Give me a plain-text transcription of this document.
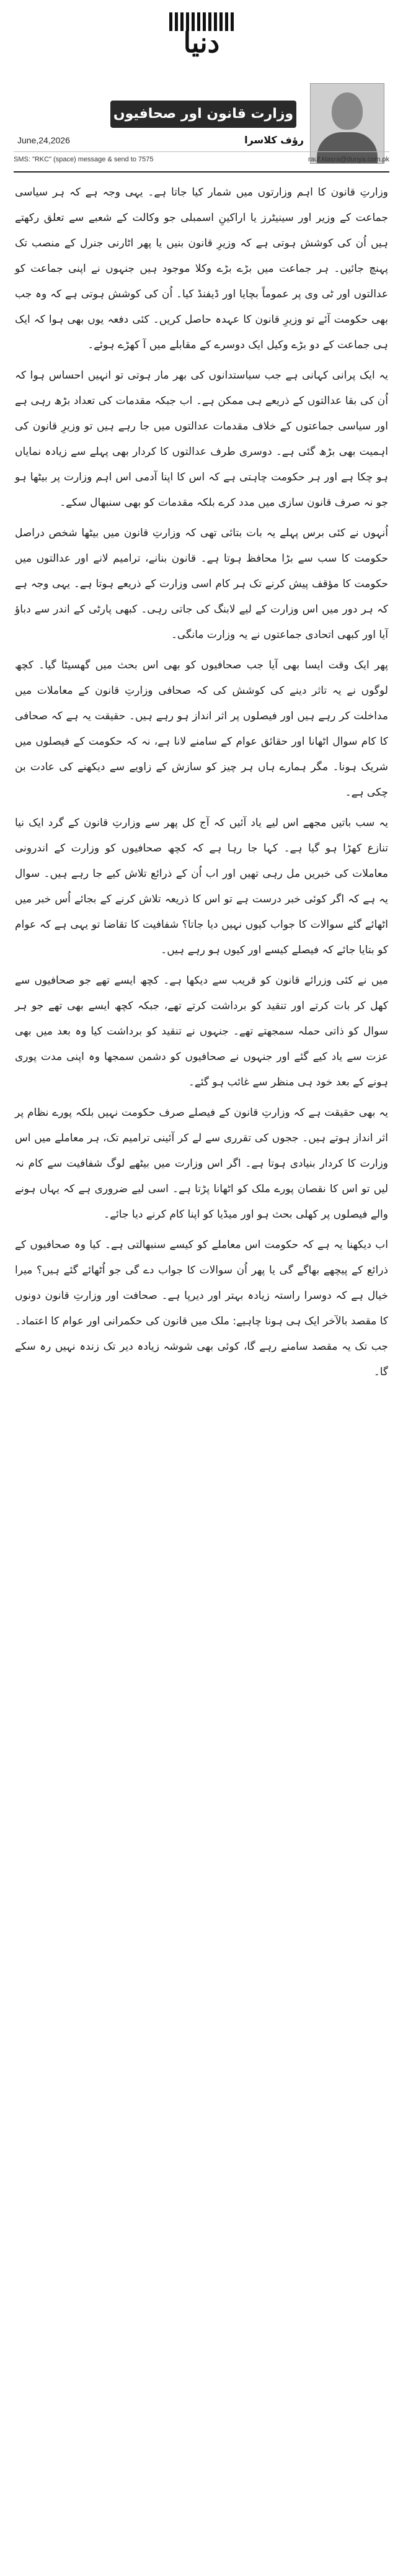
دنیا
وزارت قانون اور صحافیوں کا شوشہ	رؤف کلاسرا
June,24,2026
SMS: "RKC" (space) message & send to 7575	rauf.klasra@dunya.com.pk

وزارتِ قانون کا اہم وزارتوں میں شمار کیا جاتا ہے۔ یہی وجہ ہے کہ ہر سیاسی جماعت کے وزیر اور سینیٹرز یا اراکینِ اسمبلی جو وکالت کے شعبے سے تعلق رکھتے ہیں اُن کی کوشش ہوتی ہے کہ وزیرِ قانون بنیں یا پھر اٹارنی جنرل کے منصب تک پہنچ جائیں۔ ہر جماعت میں بڑے بڑے وکلا موجود ہیں جنہوں نے اپنی جماعت کو عدالتوں اور ٹی وی پر عموماً بچایا اور ڈیفنڈ کیا۔ اُن کی کوشش ہوتی ہے کہ وہ جب بھی حکومت آئے تو وزیرِ قانون کا عہدہ حاصل کریں۔ کئی دفعہ یوں بھی ہوا کہ ایک ہی جماعت کے دو بڑے وکیل ایک دوسرے کے مقابلے میں آ کھڑے ہوئے۔

یہ ایک پرانی کہانی ہے جب سیاستدانوں کی بھر مار ہوتی تو انہیں احساس ہوا کہ اُن کی بقا عدالتوں کے ذریعے ہی ممکن ہے۔ اب جبکہ مقدمات کی تعداد بڑھ رہی ہے اور سیاسی جماعتوں کے خلاف مقدمات عدالتوں میں جا رہے ہیں تو وزیرِ قانون کی اہمیت بھی بڑھ گئی ہے۔ دوسری طرف عدالتوں کا کردار بھی پہلے سے زیادہ نمایاں ہو چکا ہے اور ہر حکومت چاہتی ہے کہ اس کا اپنا آدمی اس اہم وزارت پر بیٹھا ہو جو نہ صرف قانون سازی میں مدد کرے بلکہ مقدمات کو بھی سنبھال سکے۔

اُنہوں نے کئی برس پہلے یہ بات بتائی تھی کہ وزارتِ قانون میں بیٹھا شخص دراصل حکومت کا سب سے بڑا محافظ ہوتا ہے۔ قانون بنانے، ترامیم لانے اور عدالتوں میں حکومت کا مؤقف پیش کرنے تک ہر کام اسی وزارت کے ذریعے ہوتا ہے۔ یہی وجہ ہے کہ ہر دور میں اس وزارت کے لیے لابنگ کی جاتی رہی۔ کبھی پارٹی کے اندر سے دباؤ آیا اور کبھی اتحادی جماعتوں نے یہ وزارت مانگی۔

پھر ایک وقت ایسا بھی آیا جب صحافیوں کو بھی اس بحث میں گھسیٹا گیا۔ کچھ لوگوں نے یہ تاثر دینے کی کوشش کی کہ صحافی وزارتِ قانون کے معاملات میں مداخلت کر رہے ہیں اور فیصلوں پر اثر انداز ہو رہے ہیں۔ حقیقت یہ ہے کہ صحافی کا کام سوال اٹھانا اور حقائق عوام کے سامنے لانا ہے، نہ کہ حکومت کے فیصلوں میں شریک ہونا۔ مگر ہمارے ہاں ہر چیز کو سازش کے زاویے سے دیکھنے کی عادت بن چکی ہے۔

یہ سب باتیں مجھے اس لیے یاد آئیں کہ آج کل پھر سے وزارتِ قانون کے گرد ایک نیا تنازع کھڑا ہو گیا ہے۔ کہا جا رہا ہے کہ کچھ صحافیوں کو وزارت کے اندرونی معاملات کی خبریں مل رہی تھیں اور اب اُن کے ذرائع تلاش کیے جا رہے ہیں۔ سوال یہ ہے کہ اگر کوئی خبر درست ہے تو اس کا ذریعہ تلاش کرنے کے بجائے اُس خبر میں اٹھائے گئے سوالات کا جواب کیوں نہیں دیا جاتا؟ شفافیت کا تقاضا تو یہی ہے کہ عوام کو بتایا جائے کہ فیصلے کیسے اور کیوں ہو رہے ہیں۔

میں نے کئی وزرائے قانون کو قریب سے دیکھا ہے۔ کچھ ایسے تھے جو صحافیوں سے کھل کر بات کرتے اور تنقید کو برداشت کرتے تھے، جبکہ کچھ ایسے بھی تھے جو ہر سوال کو ذاتی حملہ سمجھتے تھے۔ جنہوں نے تنقید کو برداشت کیا وہ بعد میں بھی عزت سے یاد کیے گئے اور جنہوں نے صحافیوں کو دشمن سمجھا وہ اپنی مدت پوری ہونے کے بعد خود ہی منظر سے غائب ہو گئے۔

یہ بھی حقیقت ہے کہ وزارتِ قانون کے فیصلے صرف حکومت نہیں بلکہ پورے نظام پر اثر انداز ہوتے ہیں۔ ججوں کی تقرری سے لے کر آئینی ترامیم تک، ہر معاملے میں اس وزارت کا کردار بنیادی ہوتا ہے۔ اگر اس وزارت میں بیٹھے لوگ شفافیت سے کام نہ لیں تو اس کا نقصان پورے ملک کو اٹھانا پڑتا ہے۔ اسی لیے ضروری ہے کہ یہاں ہونے والے فیصلوں پر کھلی بحث ہو اور میڈیا کو اپنا کام کرنے دیا جائے۔

اب دیکھنا یہ ہے کہ حکومت اس معاملے کو کیسے سنبھالتی ہے۔ کیا وہ صحافیوں کے ذرائع کے پیچھے بھاگے گی یا پھر اُن سوالات کا جواب دے گی جو اُٹھائے گئے ہیں؟ میرا خیال ہے کہ دوسرا راستہ زیادہ بہتر اور دیرپا ہے۔ صحافت اور وزارتِ قانون دونوں کا مقصد بالآخر ایک ہی ہونا چاہیے: ملک میں قانون کی حکمرانی اور عوام کا اعتماد۔ جب تک یہ مقصد سامنے رہے گا، کوئی بھی شوشہ زیادہ دیر تک زندہ نہیں رہ سکے گا۔
